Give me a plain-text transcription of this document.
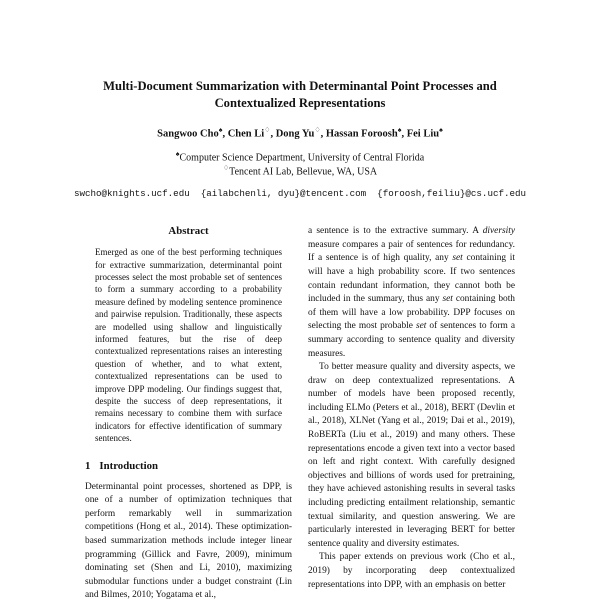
Multi-Document Summarization with Determinantal Point Processes and Contextualized Representations
Sangwoo Cho♠, Chen Li♢, Dong Yu♢, Hassan Foroosh♠, Fei Liu♠
♠Computer Science Department, University of Central Florida
♢Tencent AI Lab, Bellevue, WA, USA
swcho@knights.ucf.edu  {ailabchenli, dyu}@tencent.com  {foroosh,feiliu}@cs.ucf.edu
Abstract

Emerged as one of the best performing techniques for extractive summarization, determinantal point processes select the most probable set of sentences to form a summary according to a probability measure defined by modeling sentence prominence and pairwise repulsion. Traditionally, these aspects are modelled using shallow and linguistically informed features, but the rise of deep contextualized representations raises an interesting question of whether, and to what extent, contextualized representations can be used to improve DPP modeling. Our findings suggest that, despite the success of deep representations, it remains necessary to combine them with surface indicators for effective identification of summary sentences.

1 Introduction

Determinantal point processes, shortened as DPP, is one of a number of optimization techniques that perform remarkably well in summarization competitions (Hong et al., 2014). These optimization-based summarization methods include integer linear programming (Gillick and Favre, 2009), minimum dominating set (Shen and Li, 2010), maximizing submodular functions under a budget constraint (Lin and Bilmes, 2010; Yogatama et al.,

a sentence is to the extractive summary. A diversity measure compares a pair of sentences for redundancy. If a sentence is of high quality, any set containing it will have a high probability score. If two sentences contain redundant information, they cannot both be included in the summary, thus any set containing both of them will have a low probability. DPP focuses on selecting the most probable set of sentences to form a summary according to sentence quality and diversity measures.

To better measure quality and diversity aspects, we draw on deep contextualized representations. A number of models have been proposed recently, including ELMo (Peters et al., 2018), BERT (Devlin et al., 2018), XLNet (Yang et al., 2019; Dai et al., 2019), RoBERTa (Liu et al., 2019) and many others. These representations encode a given text into a vector based on left and right context. With carefully designed objectives and billions of words used for pretraining, they have achieved astonishing results in several tasks including predicting entailment relationship, semantic textual similarity, and question answering. We are particularly interested in leveraging BERT for better sentence quality and diversity estimates.

This paper extends on previous work (Cho et al., 2019) by incorporating deep contextualized representations into DPP, with an emphasis on better
